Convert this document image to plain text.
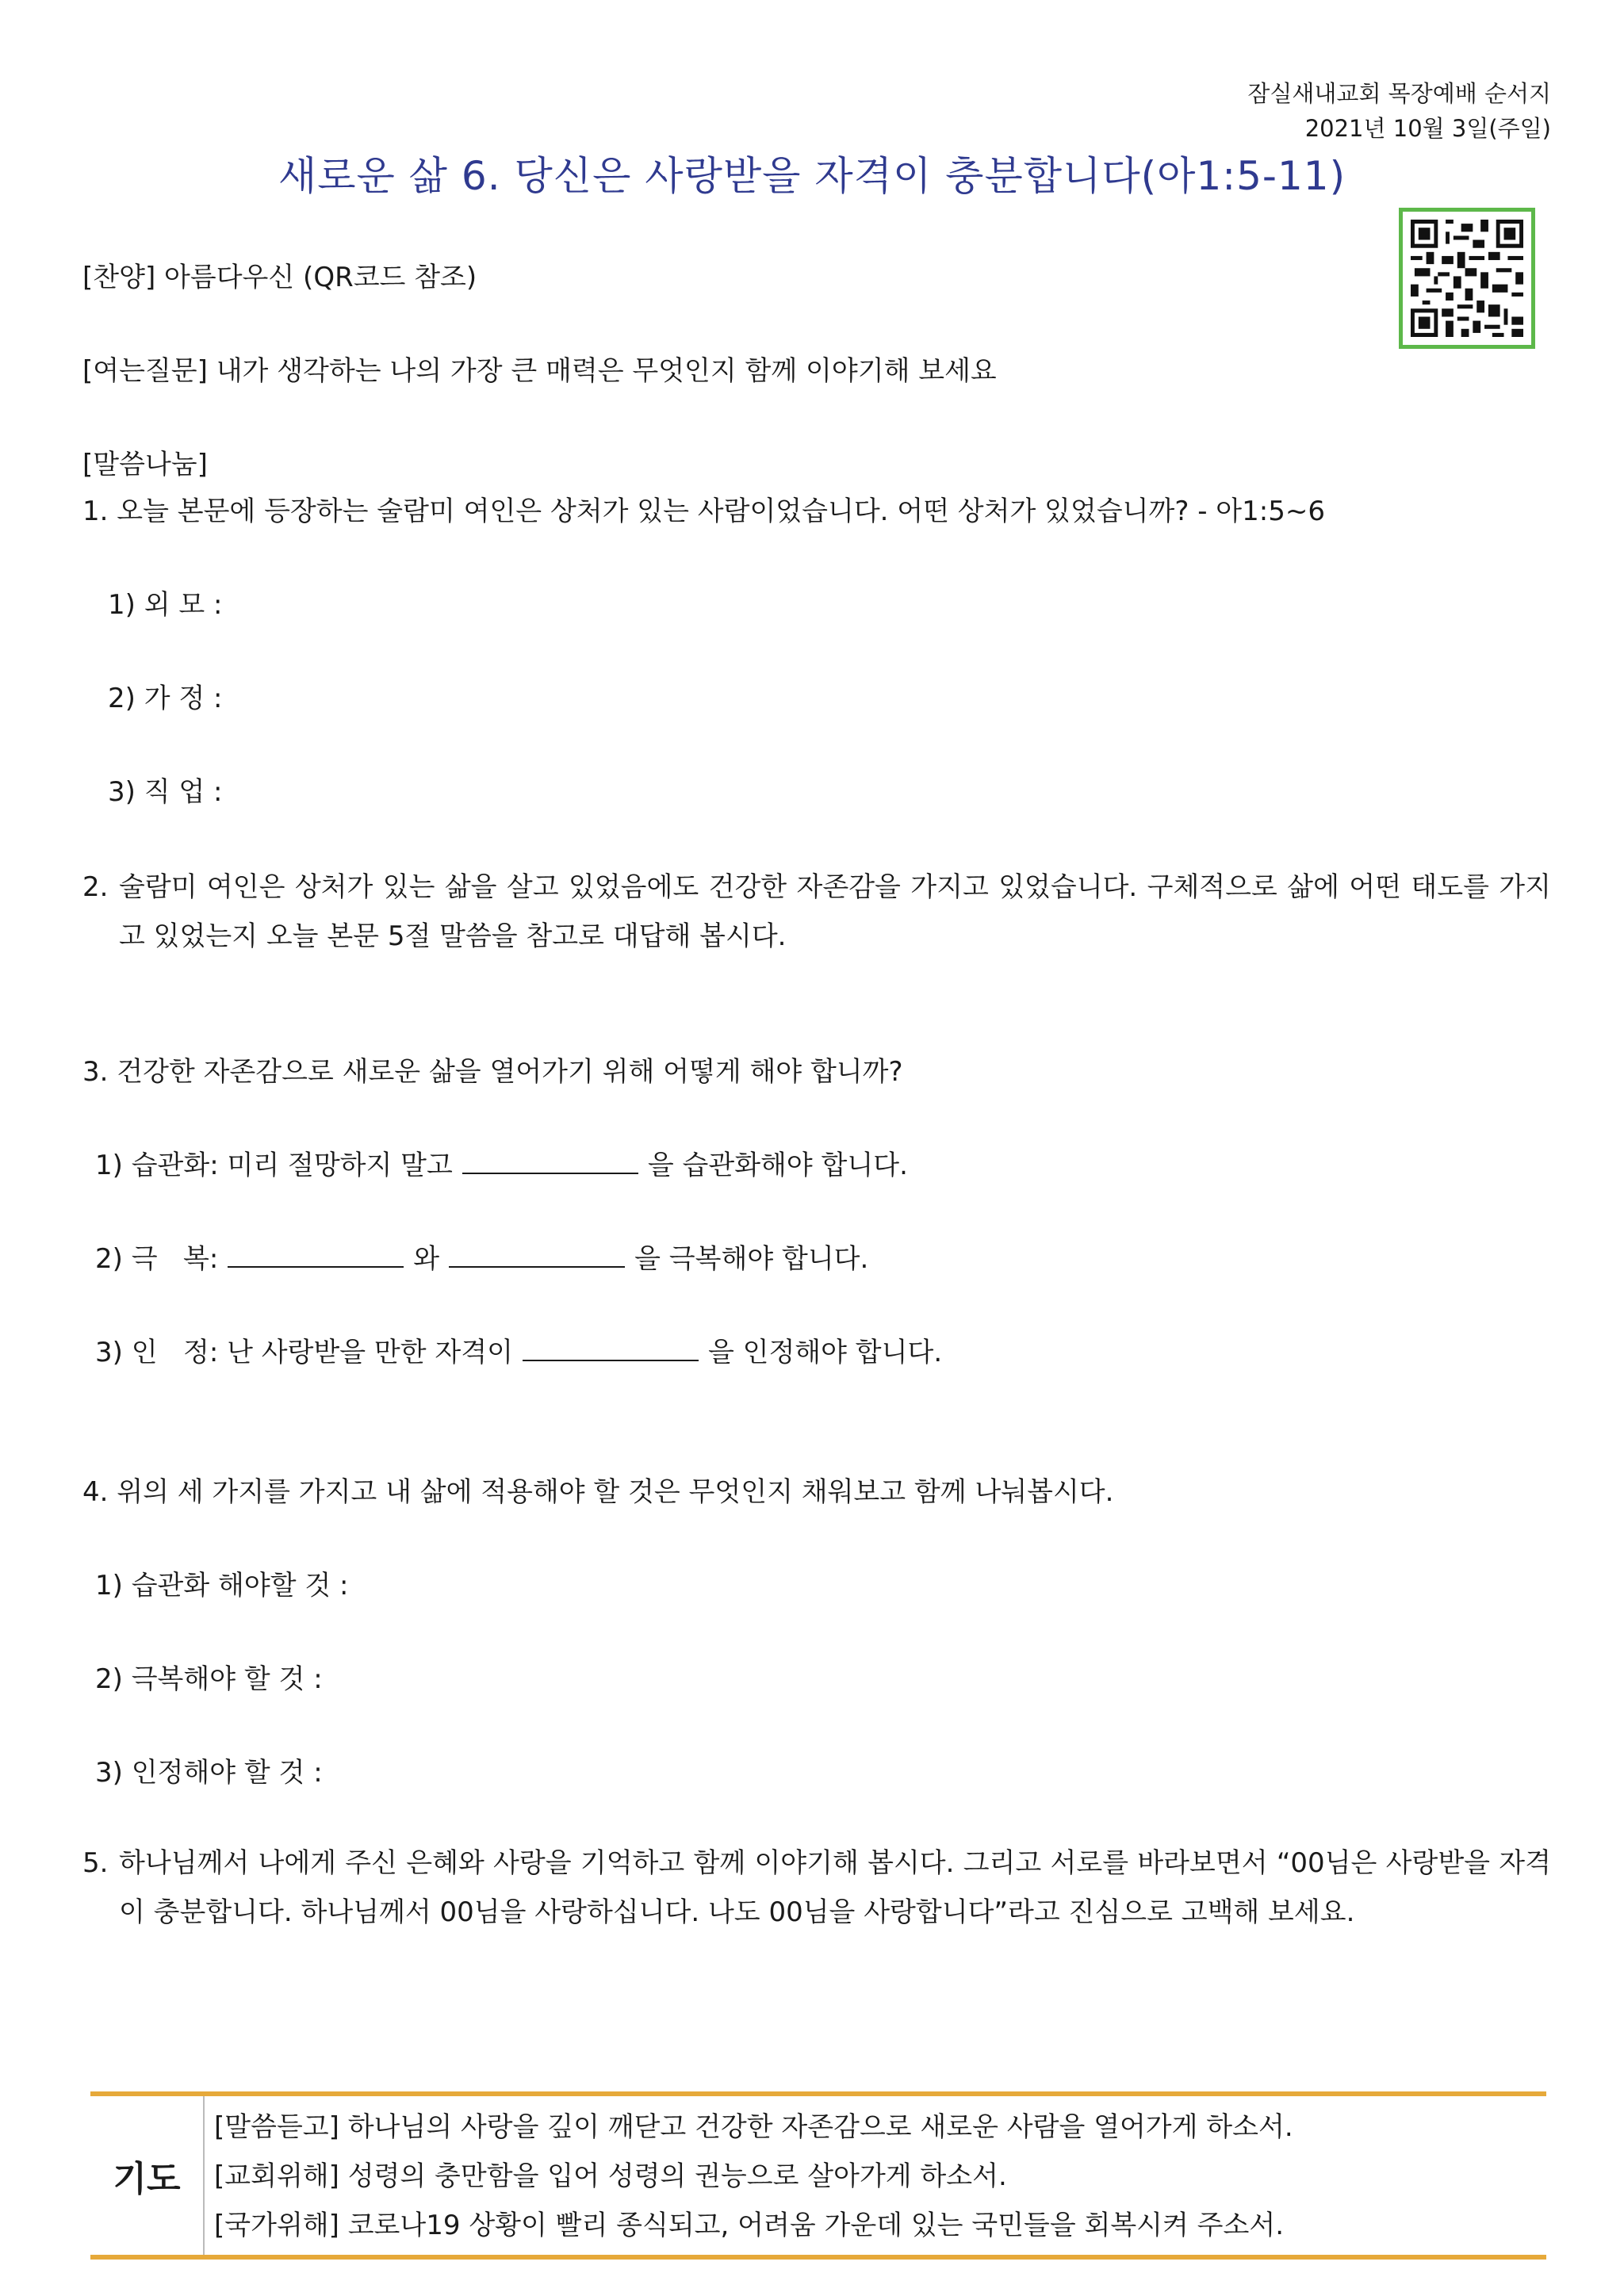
잠실새내교회 목장예배 순서지
2021년 10월 3일(주일)
새로운 삶 6. 당신은 사랑받을 자격이 충분합니다(아1:5-11)
[찬양] 아름다우신 (QR코드 참조)
[여는질문] 내가 생각하는 나의 가장 큰 매력은 무엇인지 함께 이야기해 보세요
[말씀나눔]
1. 오늘 본문에 등장하는 술람미 여인은 상처가 있는 사람이었습니다. 어떤 상처가 있었습니까? - 아1:5~6
1) 외 모 :
2) 가 정 :
3) 직 업 :
2. 술람미 여인은 상처가 있는 삶을 살고 있었음에도 건강한 자존감을 가지고 있었습니다. 구체적으로 삶에 어떤 태도를 가지고 있었는지 오늘 본문 5절 말씀을 참고로 대답해 봅시다.
3. 건강한 자존감으로 새로운 삶을 열어가기 위해 어떻게 해야 합니까?
1) 습관화: 미리 절망하지 말고	을 습관화해야 합니다.
2) 극   복:	와	을 극복해야 합니다.
3) 인   정: 난 사랑받을 만한 자격이	을 인정해야 합니다.
4. 위의 세 가지를 가지고 내 삶에 적용해야 할 것은 무엇인지 채워보고 함께 나눠봅시다.
1) 습관화 해야할 것 :
2) 극복해야 할 것 :
3) 인정해야 할 것 :
5. 하나님께서 나에게 주신 은혜와 사랑을 기억하고 함께 이야기해 봅시다. 그리고 서로를 바라보면서 “00님은 사랑받을 자격이 충분합니다. 하나님께서 00님을 사랑하십니다. 나도 00님을 사랑합니다”라고 진심으로 고백해 보세요.
기도
[말씀듣고] 하나님의 사랑을 깊이 깨닫고 건강한 자존감으로 새로운 사람을 열어가게 하소서.
[교회위해] 성령의 충만함을 입어 성령의 권능으로 살아가게 하소서.
[국가위해] 코로나19 상황이 빨리 종식되고, 어려움 가운데 있는 국민들을 회복시켜 주소서.
